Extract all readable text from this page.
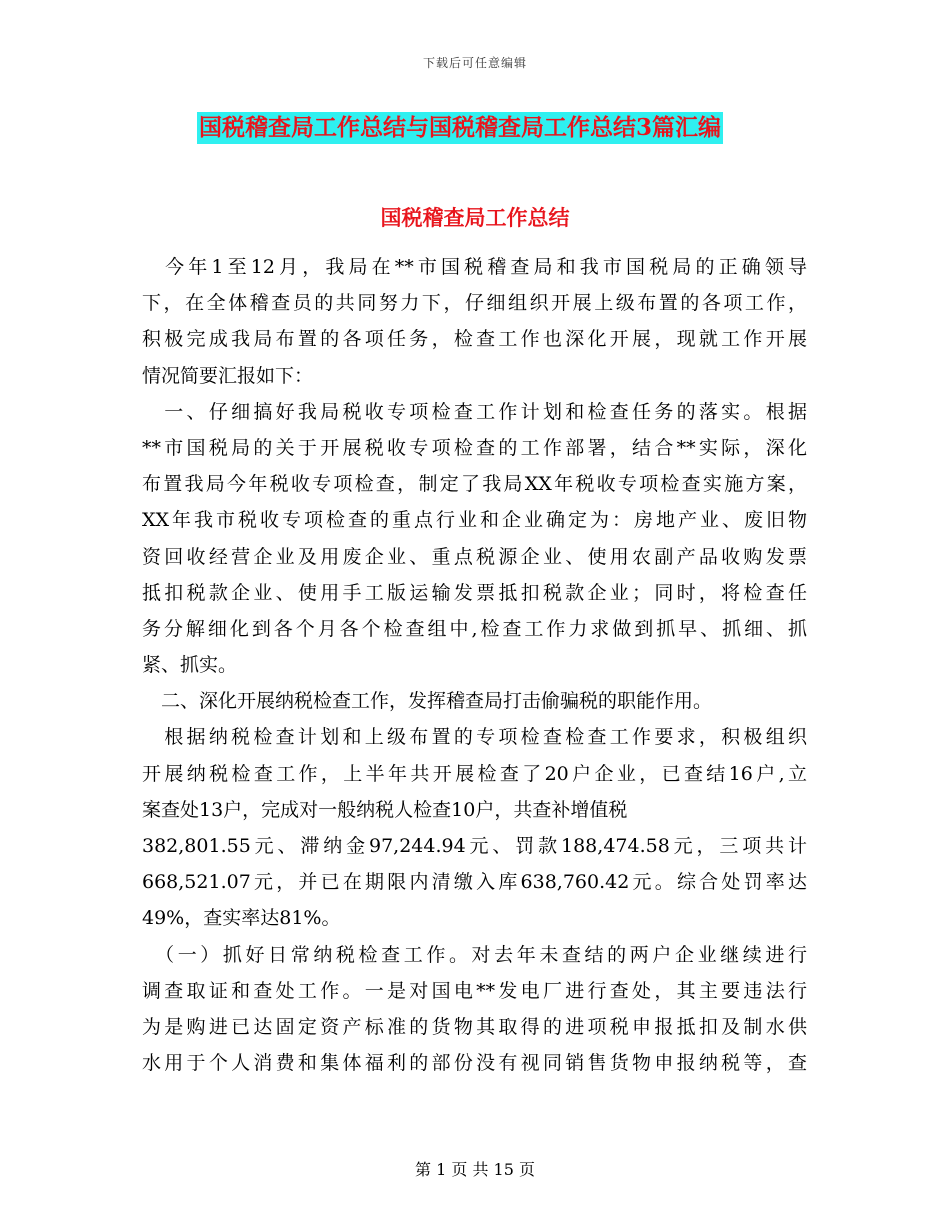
下载后可任意编辑
国税稽查局工作总结与国税稽查局工作总结3篇汇编
国税稽查局工作总结
　今年1至12月，我局在**市国税稽查局和我市国税局的正确领导
下，在全体稽查员的共同努力下，仔细组织开展上级布置的各项工作，
积极完成我局布置的各项任务，检查工作也深化开展，现就工作开展
情况简要汇报如下：
　一、仔细搞好我局税收专项检查工作计划和检查任务的落实。根据
**市国税局的关于开展税收专项检查的工作部署，结合**实际，深化
布置我局今年税收专项检查，制定了我局XX年税收专项检查实施方案，
XX年我市税收专项检查的重点行业和企业确定为：房地产业、废旧物
资回收经营企业及用废企业、重点税源企业、使用农副产品收购发票
抵扣税款企业、使用手工版运输发票抵扣税款企业；同时，将检查任
务分解细化到各个月各个检查组中,检查工作力求做到抓早、抓细、抓
紧、抓实。
　二、深化开展纳税检查工作，发挥稽查局打击偷骗税的职能作用。
　根据纳税检查计划和上级布置的专项检查检查工作要求，积极组织
开展纳税检查工作，上半年共开展检查了20户企业，已查结16户,立
案查处13户，完成对一般纳税人检查10户，共查补增值税
382,801.55元、滞纳金97,244.94元、罚款188,474.58元，三项共计
668,521.07元，并已在期限内清缴入库638,760.42元。综合处罚率达
49%，查实率达81%。
　（一）抓好日常纳税检查工作。对去年未查结的两户企业继续进行
调查取证和查处工作。一是对国电**发电厂进行查处，其主要违法行
为是购进已达固定资产标准的货物其取得的进项税申报抵扣及制水供
水用于个人消费和集体福利的部份没有视同销售货物申报纳税等，查
第 1 页 共 15 页
